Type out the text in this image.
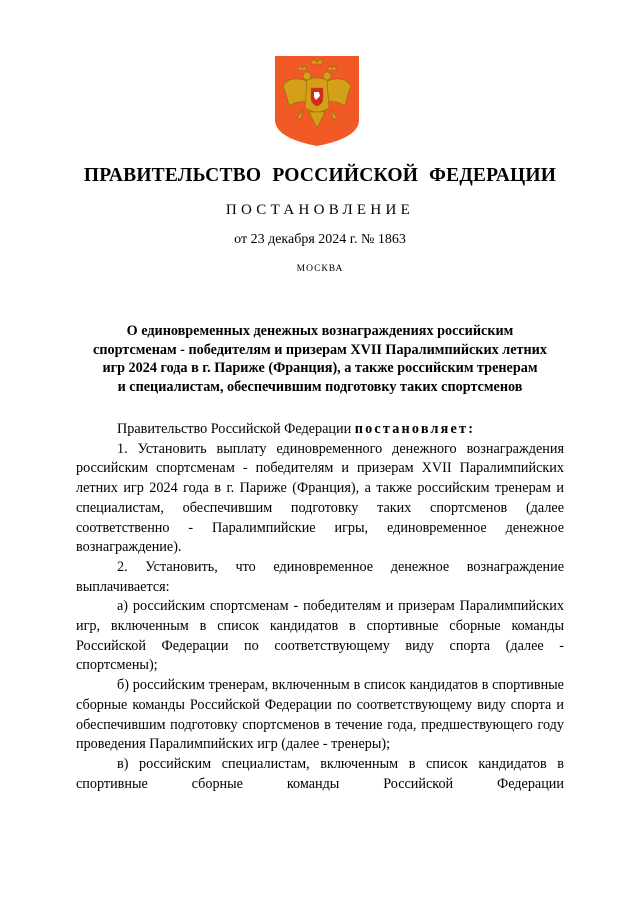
ПРАВИТЕЛЬСТВО РОССИЙСКОЙ ФЕДЕРАЦИИ
ПОСТАНОВЛЕНИЕ
от 23 декабря 2024 г. № 1863
МОСКВА
О единовременных денежных вознаграждениях российским
спортсменам - победителям и призерам XVII Паралимпийских летних
игр 2024 года в г. Париже (Франция), а также российским тренерам
и специалистам, обеспечившим подготовку таких спортсменов

Правительство Российской Федерации постановляет:

1. Установить выплату единовременного денежного вознаграждения российским спортсменам - победителям и призерам XVII Паралимпийских летних игр 2024 года в г. Париже (Франция), а также российским тренерам и специалистам, обеспечившим подготовку таких спортсменов (далее соответственно - Паралимпийские игры, единовременное денежное вознаграждение).

2. Установить, что единовременное денежное вознаграждение выплачивается:

а) российским спортсменам - победителям и призерам Паралимпийских игр, включенным в список кандидатов в спортивные сборные команды Российской Федерации по соответствующему виду спорта (далее - спортсмены);

б) российским тренерам, включенным в список кандидатов в спортивные сборные команды Российской Федерации по соответствующему виду спорта и обеспечившим подготовку спортсменов в течение года, предшествующего году проведения Паралимпийских игр (далее - тренеры);

в) российским специалистам, включенным в список кандидатов в спортивные сборные команды Российской Федерации
